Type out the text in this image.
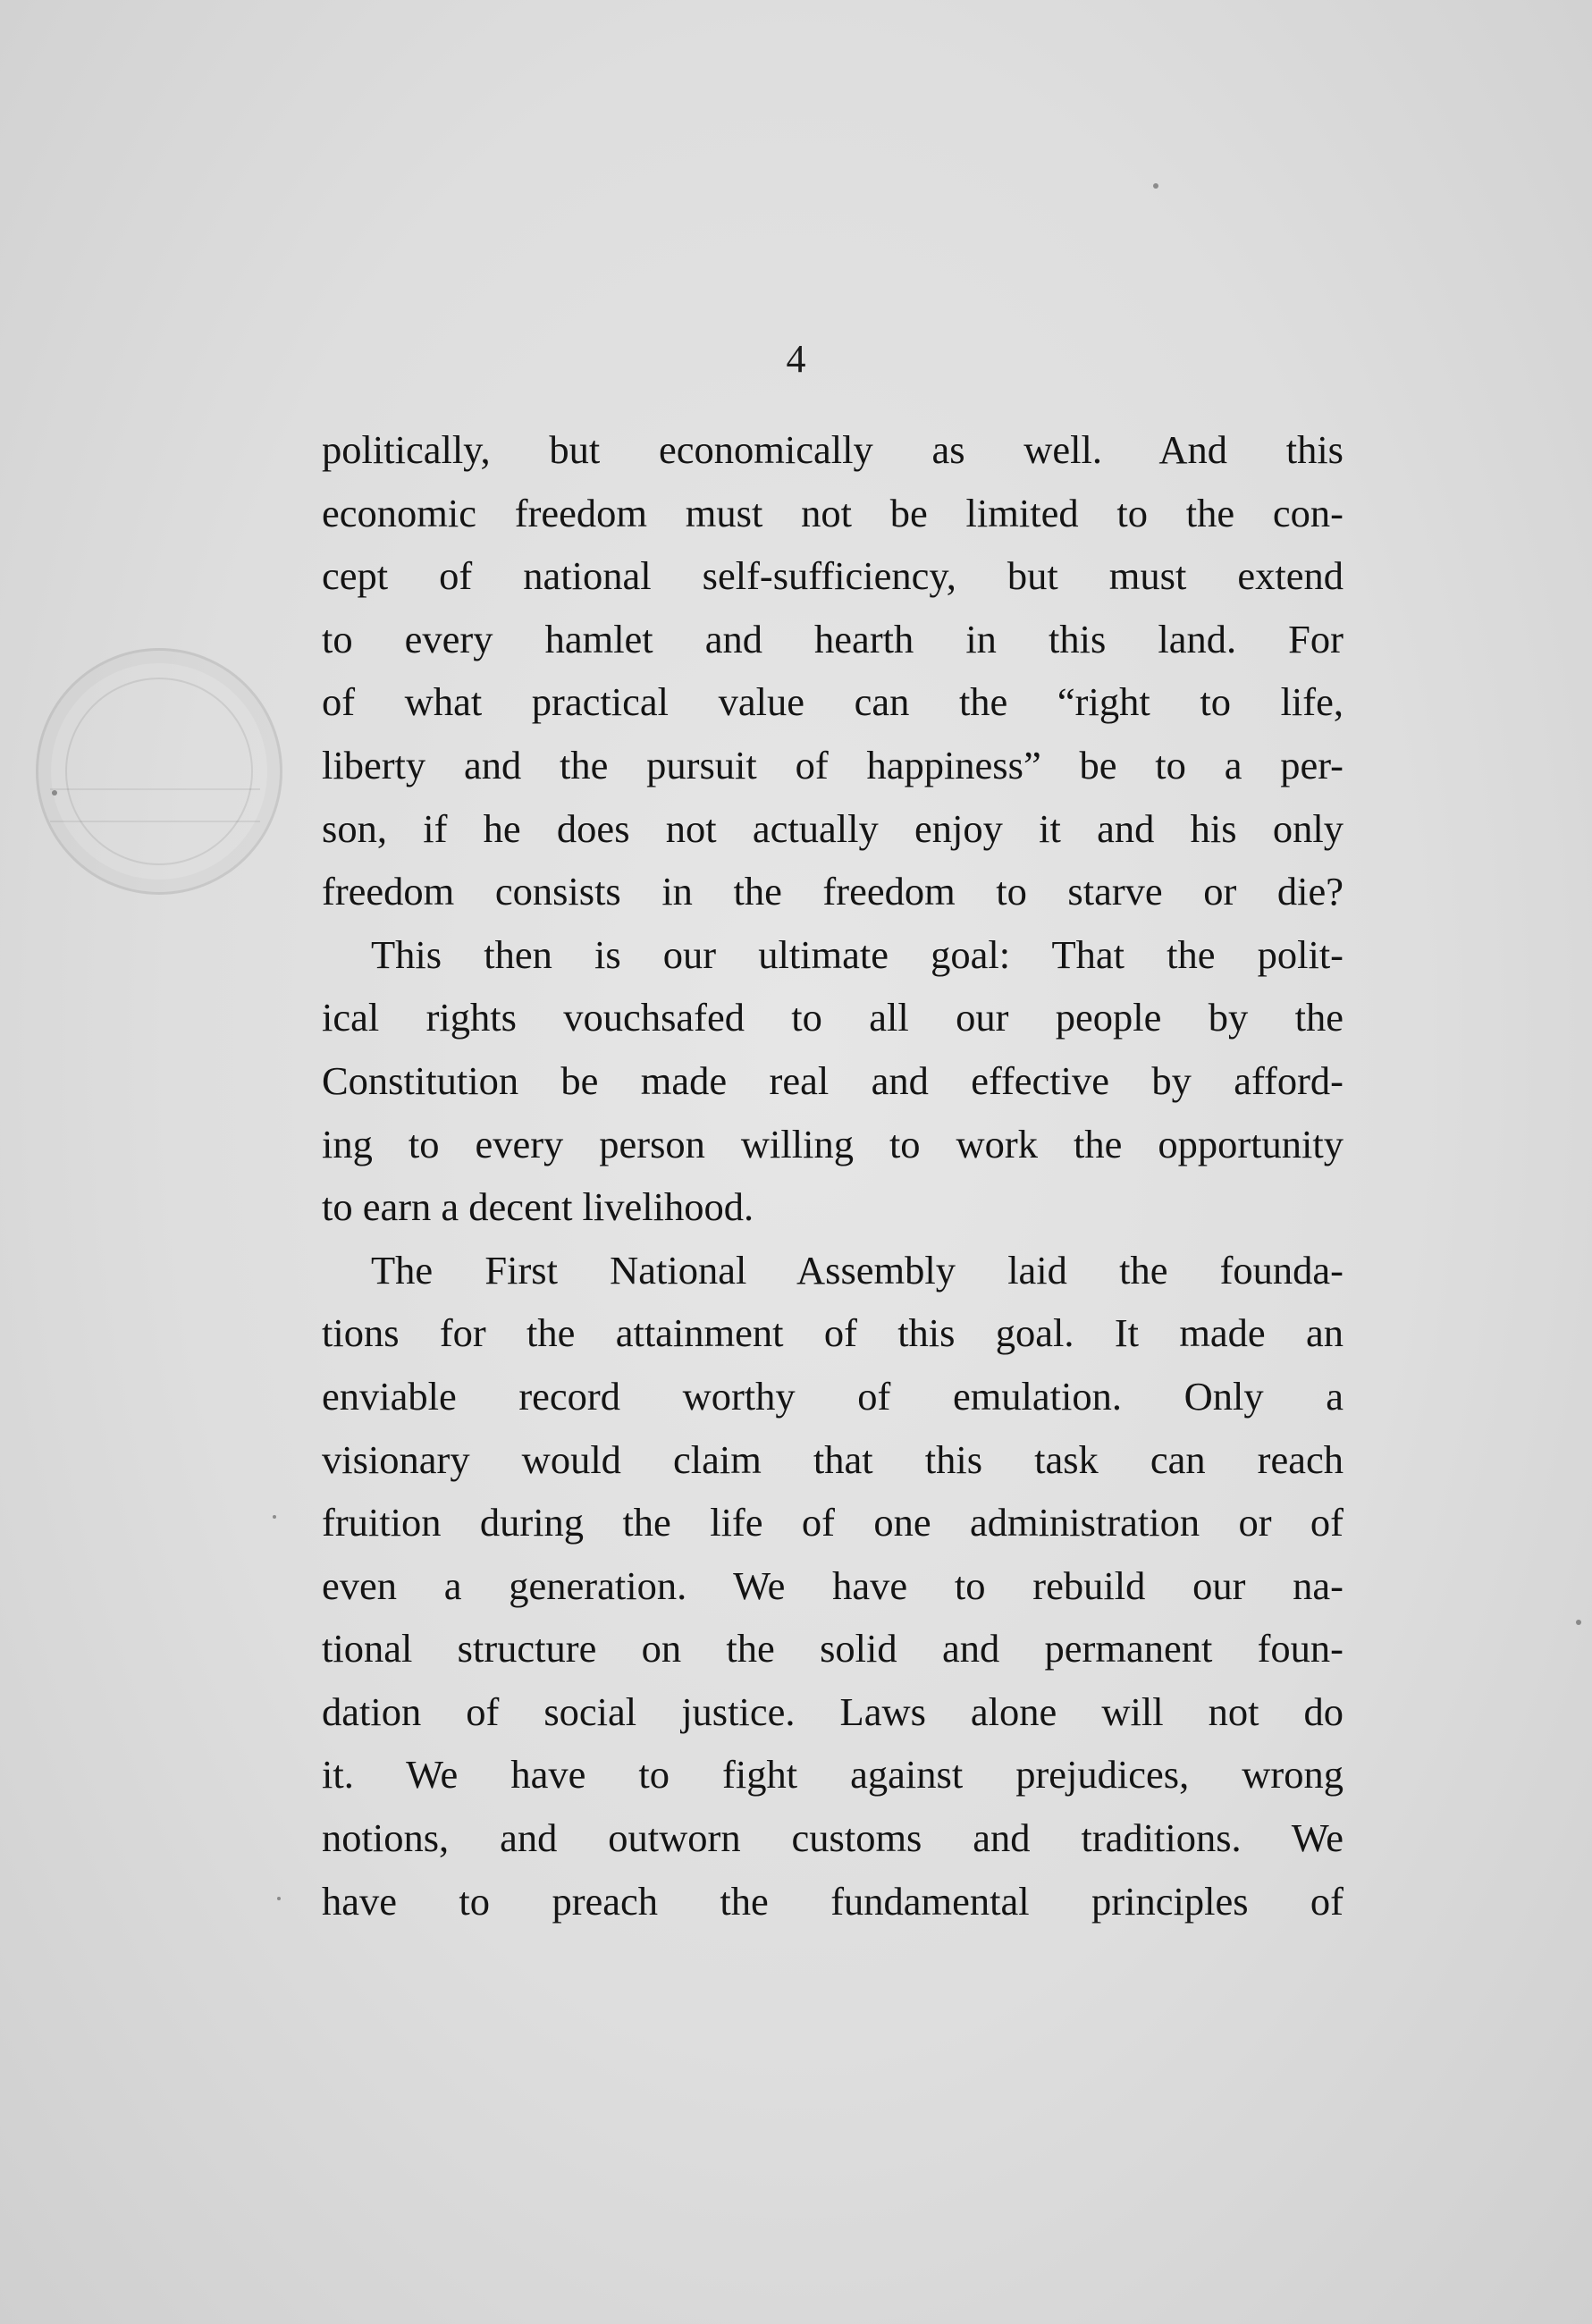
4
politically, but economically as well. And this
economic freedom must not be limited to the con-
cept of national self-sufficiency, but must extend
to every hamlet and hearth in this land. For
of what practical value can the “right to life,
liberty and the pursuit of happiness” be to a per-
son, if he does not actually enjoy it and his only
freedom consists in the freedom to starve or die?
This then is our ultimate goal: That the polit-
ical rights vouchsafed to all our people by the
Constitution be made real and effective by afford-
ing to every person willing to work the opportunity
to earn a decent livelihood.
The First National Assembly laid the founda-
tions for the attainment of this goal. It made an
enviable record worthy of emulation. Only a
visionary would claim that this task can reach
fruition during the life of one administration or of
even a generation. We have to rebuild our na-
tional structure on the solid and permanent foun-
dation of social justice. Laws alone will not do
it. We have to fight against prejudices, wrong
notions, and outworn customs and traditions. We
have to preach the fundamental principles of
